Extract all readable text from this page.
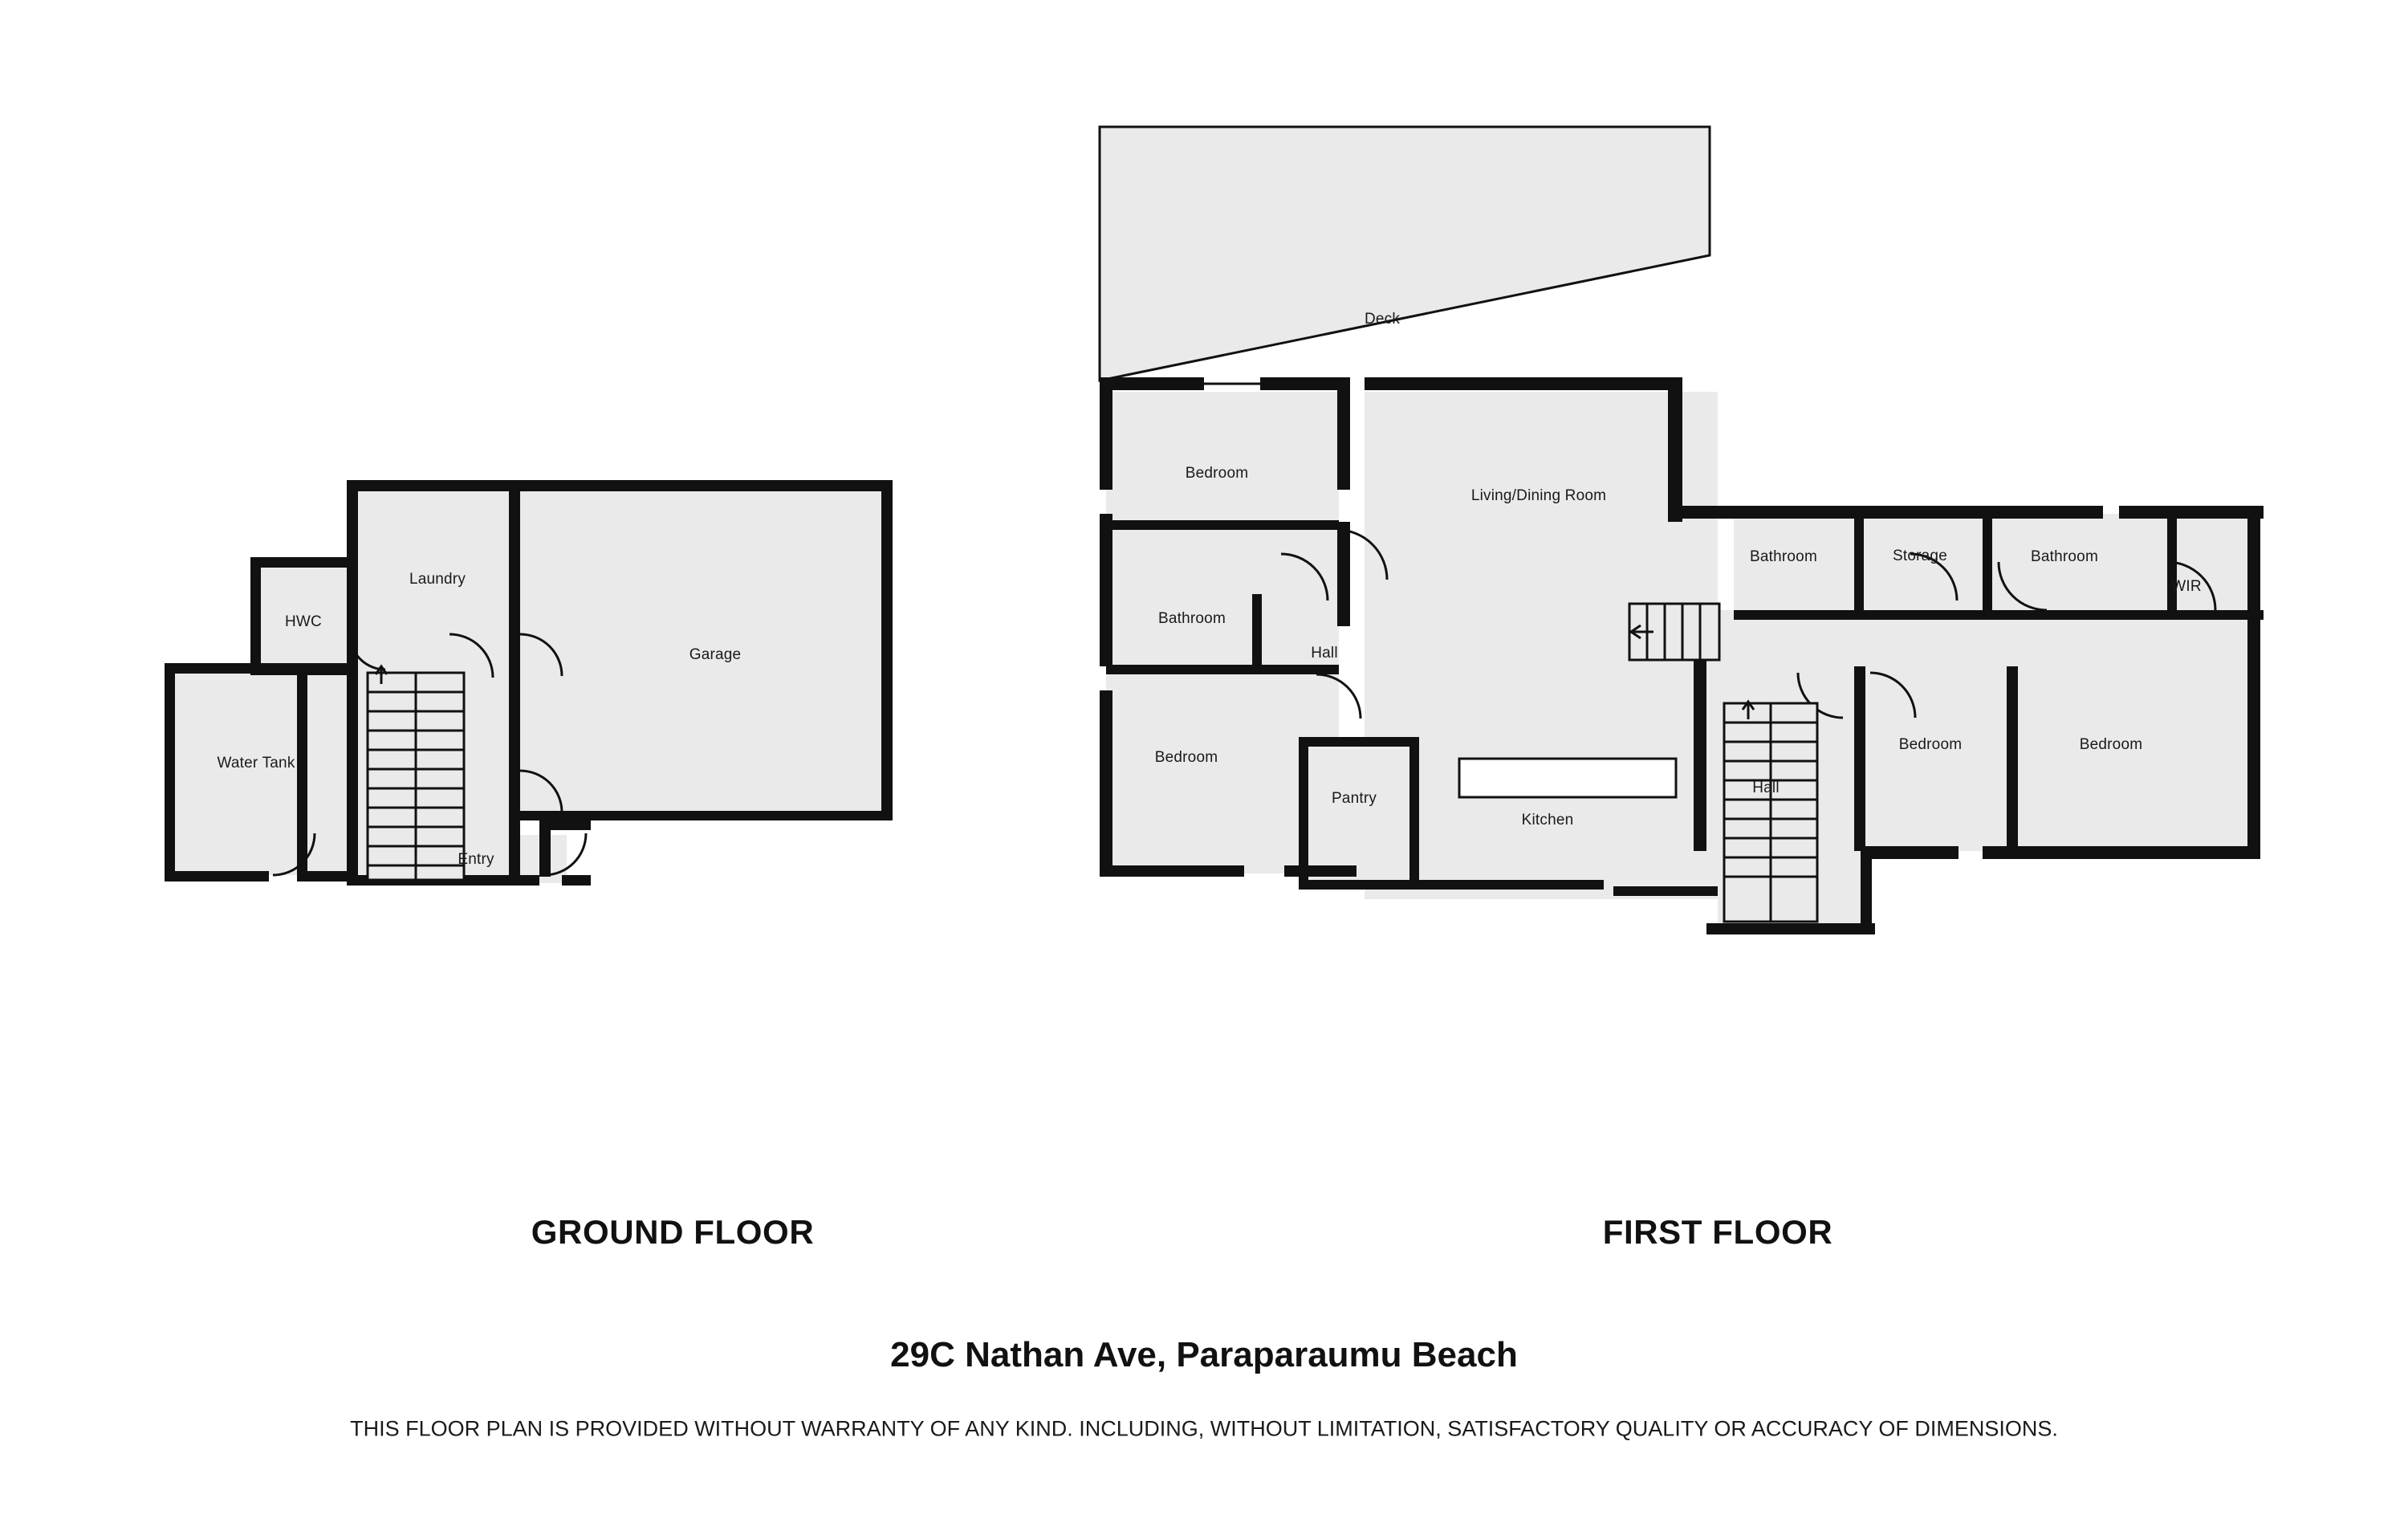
HWC
Laundry
Garage
Water Tank
Entry
Deck
Bedroom
Living/Dining Room
Bathroom
Hall
Bedroom
Pantry
Kitchen
Bathroom	Storage	Bathroom
WIR
Hall
Bedroom	Bedroom
GROUND FLOOR	FIRST FLOOR
29C Nathan Ave, Paraparaumu Beach
THIS FLOOR PLAN IS PROVIDED WITHOUT WARRANTY OF ANY KIND. INCLUDING, WITHOUT LIMITATION, SATISFACTORY QUALITY OR ACCURACY OF DIMENSIONS.
